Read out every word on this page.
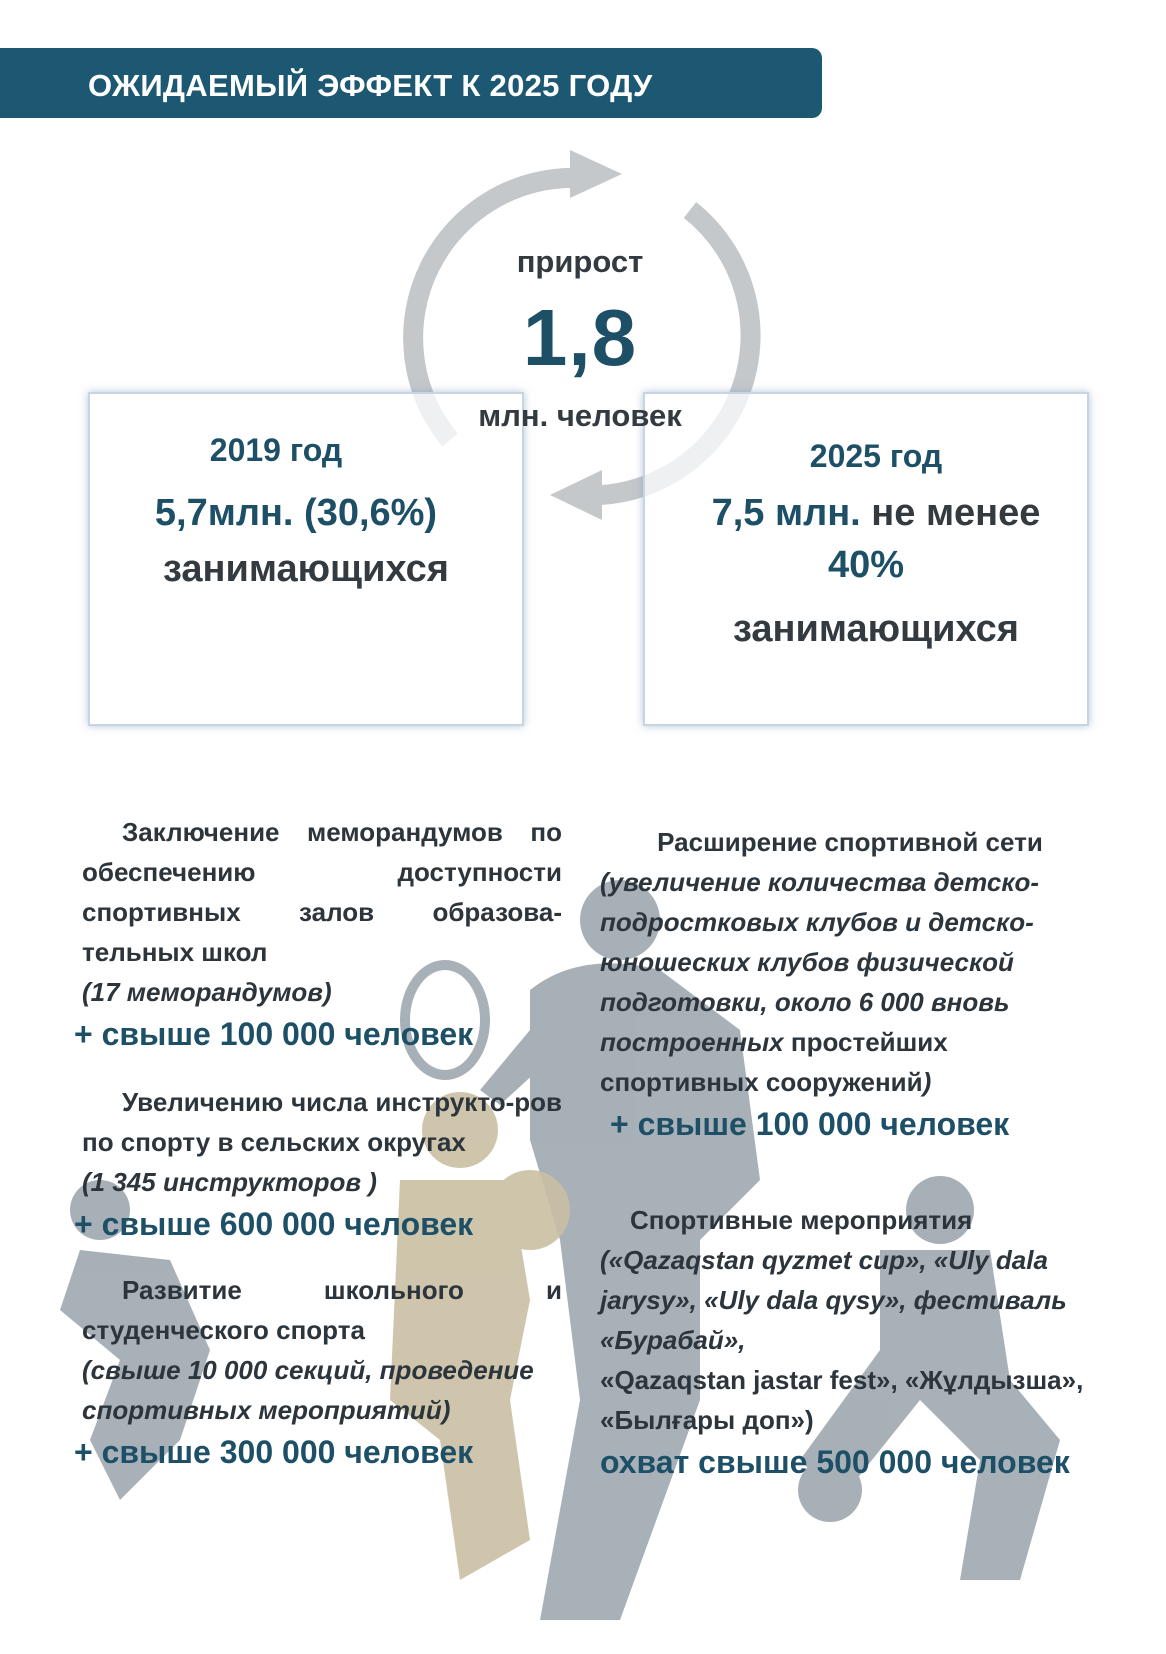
ОЖИДАЕМЫЙ ЭФФЕКТ К 2025 ГОДУ
прирост
1,8
2019 год
5,7млн. (30,6%)
занимающихся
2025 год
7,5 млн. не менее
40%
занимающихся
млн. человек
Заключение меморандумов по обеспечению доступности спортивных залов образова-тельных школ
(17 меморандумов)
+ свыше 100 000 человек
Увеличению числа инструкто-ров по спорту в сельских округах
(1 345 инструкторов )
+ свыше 600 000 человек
Развитие школьного и студенческого спорта
(свыше 10 000 секций, проведение спортивных мероприятий)
+ свыше 300 000 человек
Расширение спортивной сети
(увеличение количества детско-подростковых клубов и детско-юношеских клубов физической подготовки, около 6 000 вновь построенных простейших спортивных сооружений)
+ свыше 100 000 человек
Спортивные мероприятия
(«Qazaqstan qyzmet cup», «Uly dala jarysy», «Uly dala qysy», фестиваль «Бурабай»,
«Qazaqstan jastar fest», «Жұлдызша», «Былғары доп»)
охват свыше 500 000 человек
